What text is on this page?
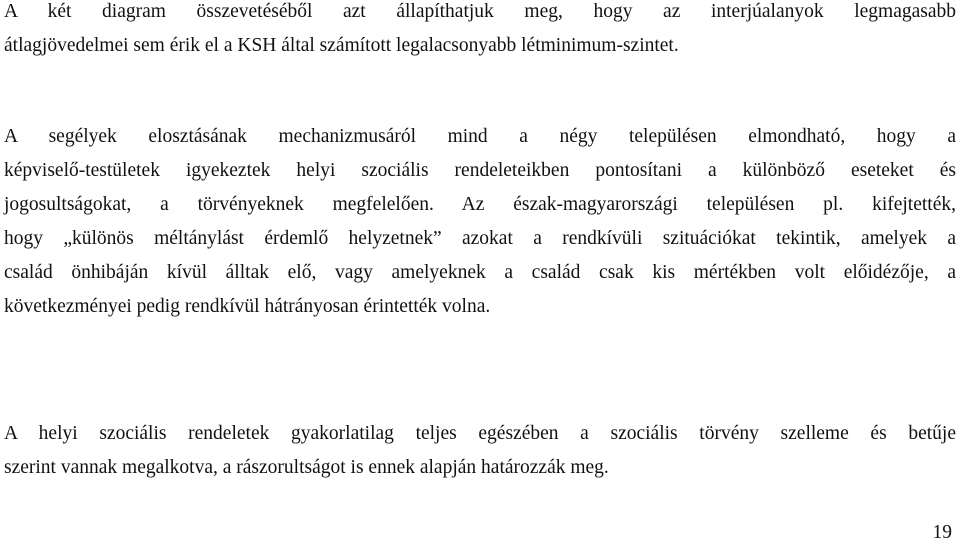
A két diagram összevetéséből azt állapíthatjuk meg, hogy az interjúalanyok legmagasabb
átlagjövedelmei sem érik el a KSH által számított legalacsonyabb létminimum-szintet.
A segélyek elosztásának mechanizmusáról mind a négy településen elmondható, hogy a
képviselő-testületek igyekeztek helyi szociális rendeleteikben pontosítani a különböző eseteket és
jogosultságokat, a törvényeknek megfelelően. Az észak-magyarországi településen pl. kifejtették,
hogy „különös méltánylást érdemlő helyzetnek” azokat a rendkívüli szituációkat tekintik, amelyek a
család önhibáján kívül álltak elő, vagy amelyeknek a család csak kis mértékben volt előidézője, a
következményei pedig rendkívül hátrányosan érintették volna.
A helyi szociális rendeletek gyakorlatilag teljes egészében a szociális törvény szelleme és betűje
szerint vannak megalkotva, a rászorultságot is ennek alapján határozzák meg.

19
